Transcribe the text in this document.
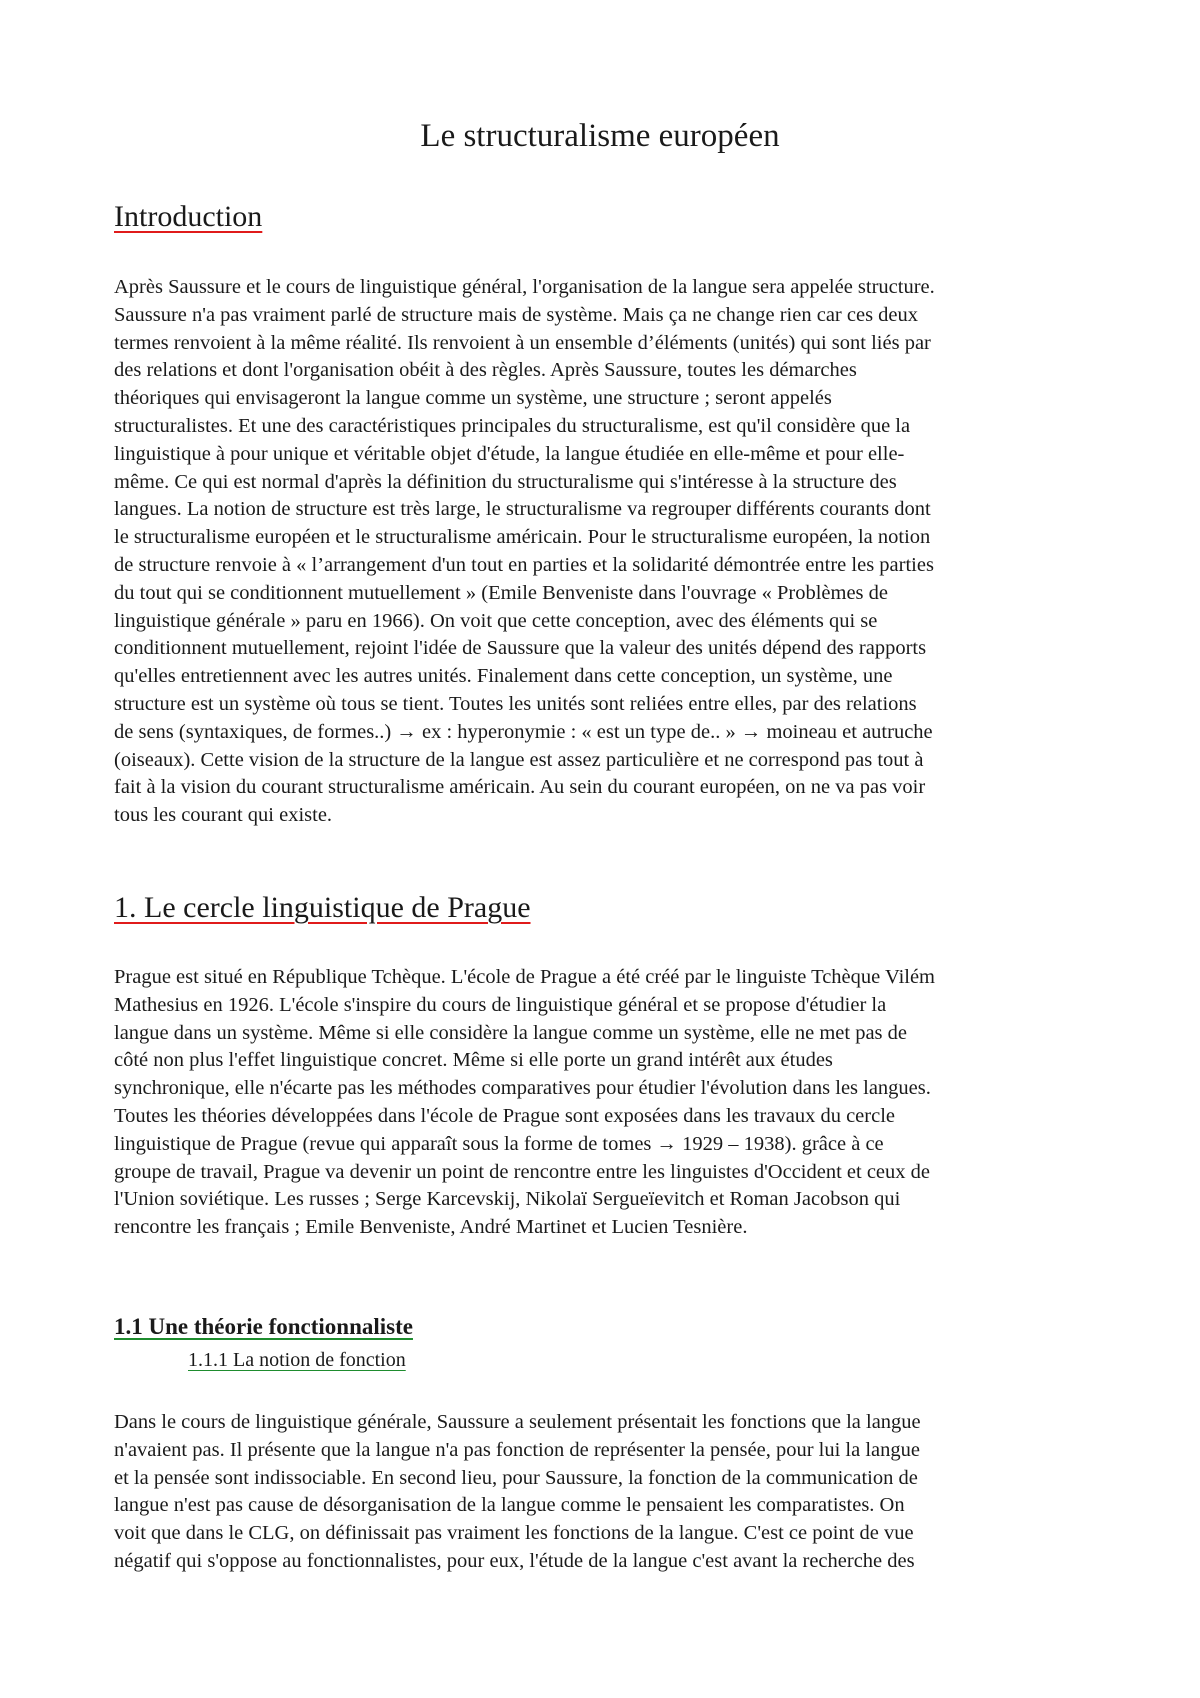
Le structuralisme européen
Introduction
Après Saussure et le cours de linguistique général, l'organisation de la langue sera appelée structure.
Saussure n'a pas vraiment parlé de structure mais de système. Mais ça ne change rien car ces deux
termes renvoient à la même réalité. Ils renvoient à un ensemble d’éléments (unités) qui sont liés par
des relations et dont l'organisation obéit à des règles. Après Saussure, toutes les démarches
théoriques qui envisageront la langue comme un système, une structure ; seront appelés
structuralistes. Et une des caractéristiques principales du structuralisme, est qu'il considère que la
linguistique à pour unique et véritable objet d'étude, la langue étudiée en elle-même et pour elle-
même. Ce qui est normal d'après la définition du structuralisme qui s'intéresse à la structure des
langues. La notion de structure est très large, le structuralisme va regrouper différents courants dont
le structuralisme européen et le structuralisme américain. Pour le structuralisme européen, la notion
de structure renvoie à « l’arrangement d'un tout en parties et la solidarité démontrée entre les parties
du tout qui se conditionnent mutuellement » (Emile Benveniste dans l'ouvrage « Problèmes de
linguistique générale » paru en 1966). On voit que cette conception, avec des éléments qui se
conditionnent mutuellement, rejoint l'idée de Saussure que la valeur des unités dépend des rapports
qu'elles entretiennent avec les autres unités. Finalement dans cette conception, un système, une
structure est un système où tous se tient. Toutes les unités sont reliées entre elles, par des relations
de sens (syntaxiques, de formes..) → ex : hyperonymie : « est un type de.. » → moineau et autruche
(oiseaux). Cette vision de la structure de la langue est assez particulière et ne correspond pas tout à
fait à la vision du courant structuralisme américain. Au sein du courant européen, on ne va pas voir
tous les courant qui existe.
1. Le cercle linguistique de Prague
Prague est situé en République Tchèque. L'école de Prague a été créé par le linguiste Tchèque Vilém
Mathesius en 1926. L'école s'inspire du cours de linguistique général et se propose d'étudier la
langue dans un système. Même si elle considère la langue comme un système, elle ne met pas de
côté non plus l'effet linguistique concret. Même si elle porte un grand intérêt aux études
synchronique, elle n'écarte pas les méthodes comparatives pour étudier l'évolution dans les langues.
Toutes les théories développées dans l'école de Prague sont exposées dans les travaux du cercle
linguistique de Prague (revue qui apparaît sous la forme de tomes → 1929 – 1938). grâce à ce
groupe de travail, Prague va devenir un point de rencontre entre les linguistes d'Occident et ceux de
l'Union soviétique. Les russes ; Serge Karcevskij, Nikolaï Sergueïevitch et Roman Jacobson qui
rencontre les français ; Emile Benveniste, André Martinet et Lucien Tesnière.
1.1 Une théorie fonctionnaliste
1.1.1 La notion de fonction
Dans le cours de linguistique générale, Saussure a seulement présentait les fonctions que la langue
n'avaient pas. Il présente que la langue n'a pas fonction de représenter la pensée, pour lui la langue
et la pensée sont indissociable. En second lieu, pour Saussure, la fonction de la communication de
langue n'est pas cause de désorganisation de la langue comme le pensaient les comparatistes. On
voit que dans le CLG, on définissait pas vraiment les fonctions de la langue. C'est ce point de vue
négatif qui s'oppose au fonctionnalistes, pour eux, l'étude de la langue c'est avant la recherche des
